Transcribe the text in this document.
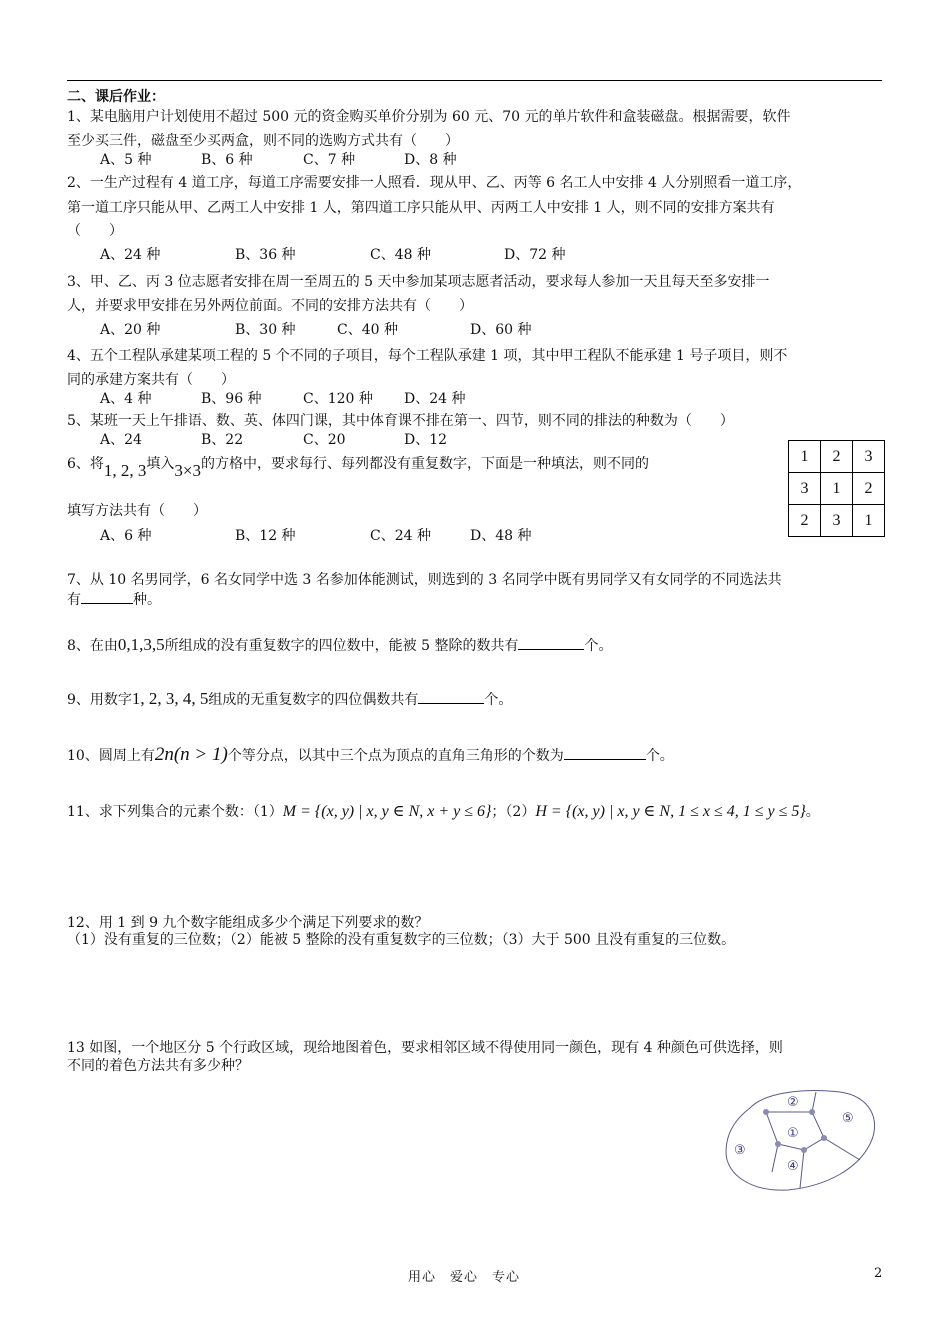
二、课后作业：
1、某电脑用户计划使用不超过 500 元的资金购买单价分别为 60 元、70 元的单片软件和盒装磁盘。根据需要，软件
至少买三件，磁盘至少买两盒，则不同的选购方式共有（　　）
A、5 种	B、6 种	C、7 种	D、8 种
2、一生产过程有 4 道工序，每道工序需要安排一人照看．现从甲、乙、丙等 6 名工人中安排 4 人分别照看一道工序，
第一道工序只能从甲、乙两工人中安排 1 人，第四道工序只能从甲、丙两工人中安排 1 人，则不同的安排方案共有
（　　）
A、24 种	B、36 种	C、48 种	D、72 种
3、甲、乙、丙 3 位志愿者安排在周一至周五的 5 天中参加某项志愿者活动，要求每人参加一天且每天至多安排一
人，并要求甲安排在另外两位前面。不同的安排方法共有（　　）
A、20 种	B、30 种	C、40 种	D、60 种
4、五个工程队承建某项工程的 5 个不同的子项目，每个工程队承建 1 项，其中甲工程队不能承建 1 号子项目，则不
同的承建方案共有（　　）
A、4 种	B、96 种	C、120 种 D、24 种
5、某班一天上午排语、数、英、体四门课，其中体育课不排在第一、四节，则不同的排法的种数为（　　）
A、24	B、22	C、20	D、12
6、将1, 2, 3填入3×3的方格中，要求每行、每列都没有重复数字，下面是一种填法，则不同的
填写方法共有（　　）
A、6 种	B、12 种	C、24 种	D、48 种
1	2	3
3	1	2
2	3	1
7、从 10 名男同学，6 名女同学中选 3 名参加体能测试，则选到的 3 名同学中既有男同学又有女同学的不同选法共
有	种。
8、在由0,1,3,5所组成的没有重复数字的四位数中，能被 5 整除的数共有	个。
9、用数字1, 2, 3, 4, 5组成的无重复数字的四位偶数共有	个。
10、圆周上有2n(n > 1)个等分点，以其中三个点为顶点的直角三角形的个数为	个。
11、求下列集合的元素个数：（1）M = {(x, y) | x, y ∈ N, x + y ≤ 6}；（2）H = {(x, y) | x, y ∈ N, 1 ≤ x ≤ 4, 1 ≤ y ≤ 5}。
12、用 1 到 9 九个数字能组成多少个满足下列要求的数？
（1）没有重复的三位数；（2）能被 5 整除的没有重复数字的三位数；（3）大于 500 且没有重复的三位数。
13 如图，一个地区分 5 个行政区域，现给地图着色，要求相邻区域不得使用同一颜色，现有 4 种颜色可供选择，则
不同的着色方法共有多少种？
①
②
③
④
⑤
用心　爱心　专心	2
